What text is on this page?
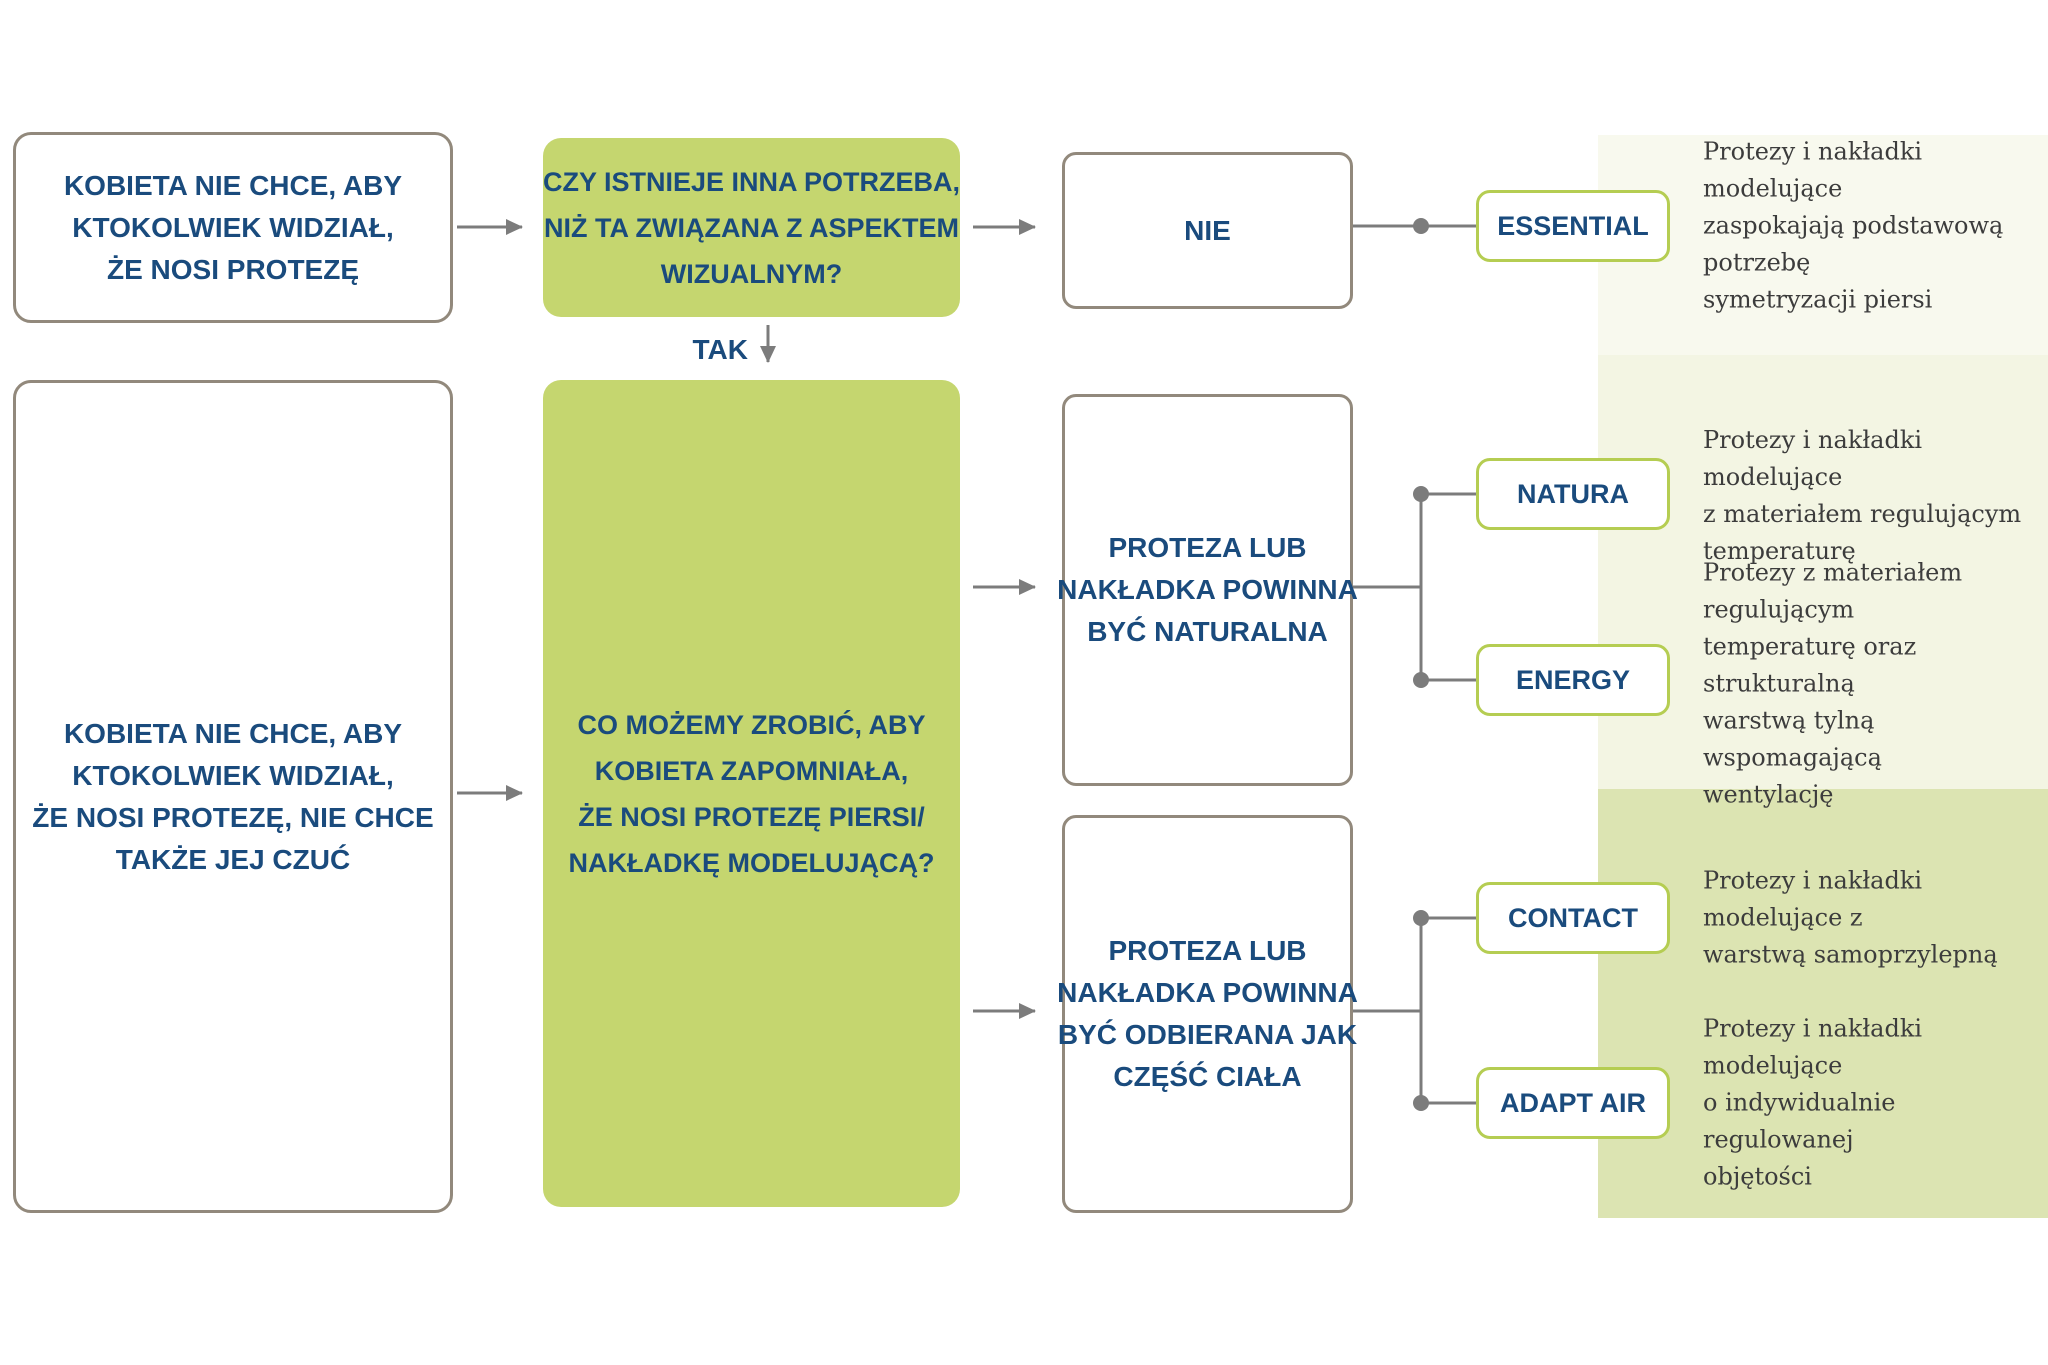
KOBIETA NIE CHCE, ABY
KTOKOLWIEK WIDZIAŁ,
ŻE NOSI PROTEZĘ
CZY ISTNIEJE INNA POTRZEBA,
NIŻ TA ZWIĄZANA Z ASPEKTEM
WIZUALNYM?
NIE
TAK
KOBIETA NIE CHCE, ABY
KTOKOLWIEK WIDZIAŁ,
ŻE NOSI PROTEZĘ, NIE CHCE
TAKŻE JEJ CZUĆ
CO MOŻEMY ZROBIĆ, ABY
KOBIETA ZAPOMNIAŁA,
ŻE NOSI PROTEZĘ PIERSI/
NAKŁADKĘ MODELUJĄCĄ?
PROTEZA LUB
NAKŁADKA POWINNA
BYĆ NATURALNA
PROTEZA LUB
NAKŁADKA POWINNA
BYĆ ODBIERANA JAK
CZĘŚĆ CIAŁA
ESSENTIAL
NATURA
ENERGY
CONTACT
ADAPT AIR
Protezy i nakładki modelujące
zaspokajają podstawową potrzebę
symetryzacji piersi
Protezy i nakładki modelujące
z materiałem regulującym
temperaturę
Protezy z materiałem regulującym
temperaturę oraz strukturalną
warstwą tylną wspomagającą
wentylację
Protezy i nakładki modelujące z
warstwą samoprzylepną
Protezy i nakładki modelujące
o indywidualnie regulowanej
objętości
